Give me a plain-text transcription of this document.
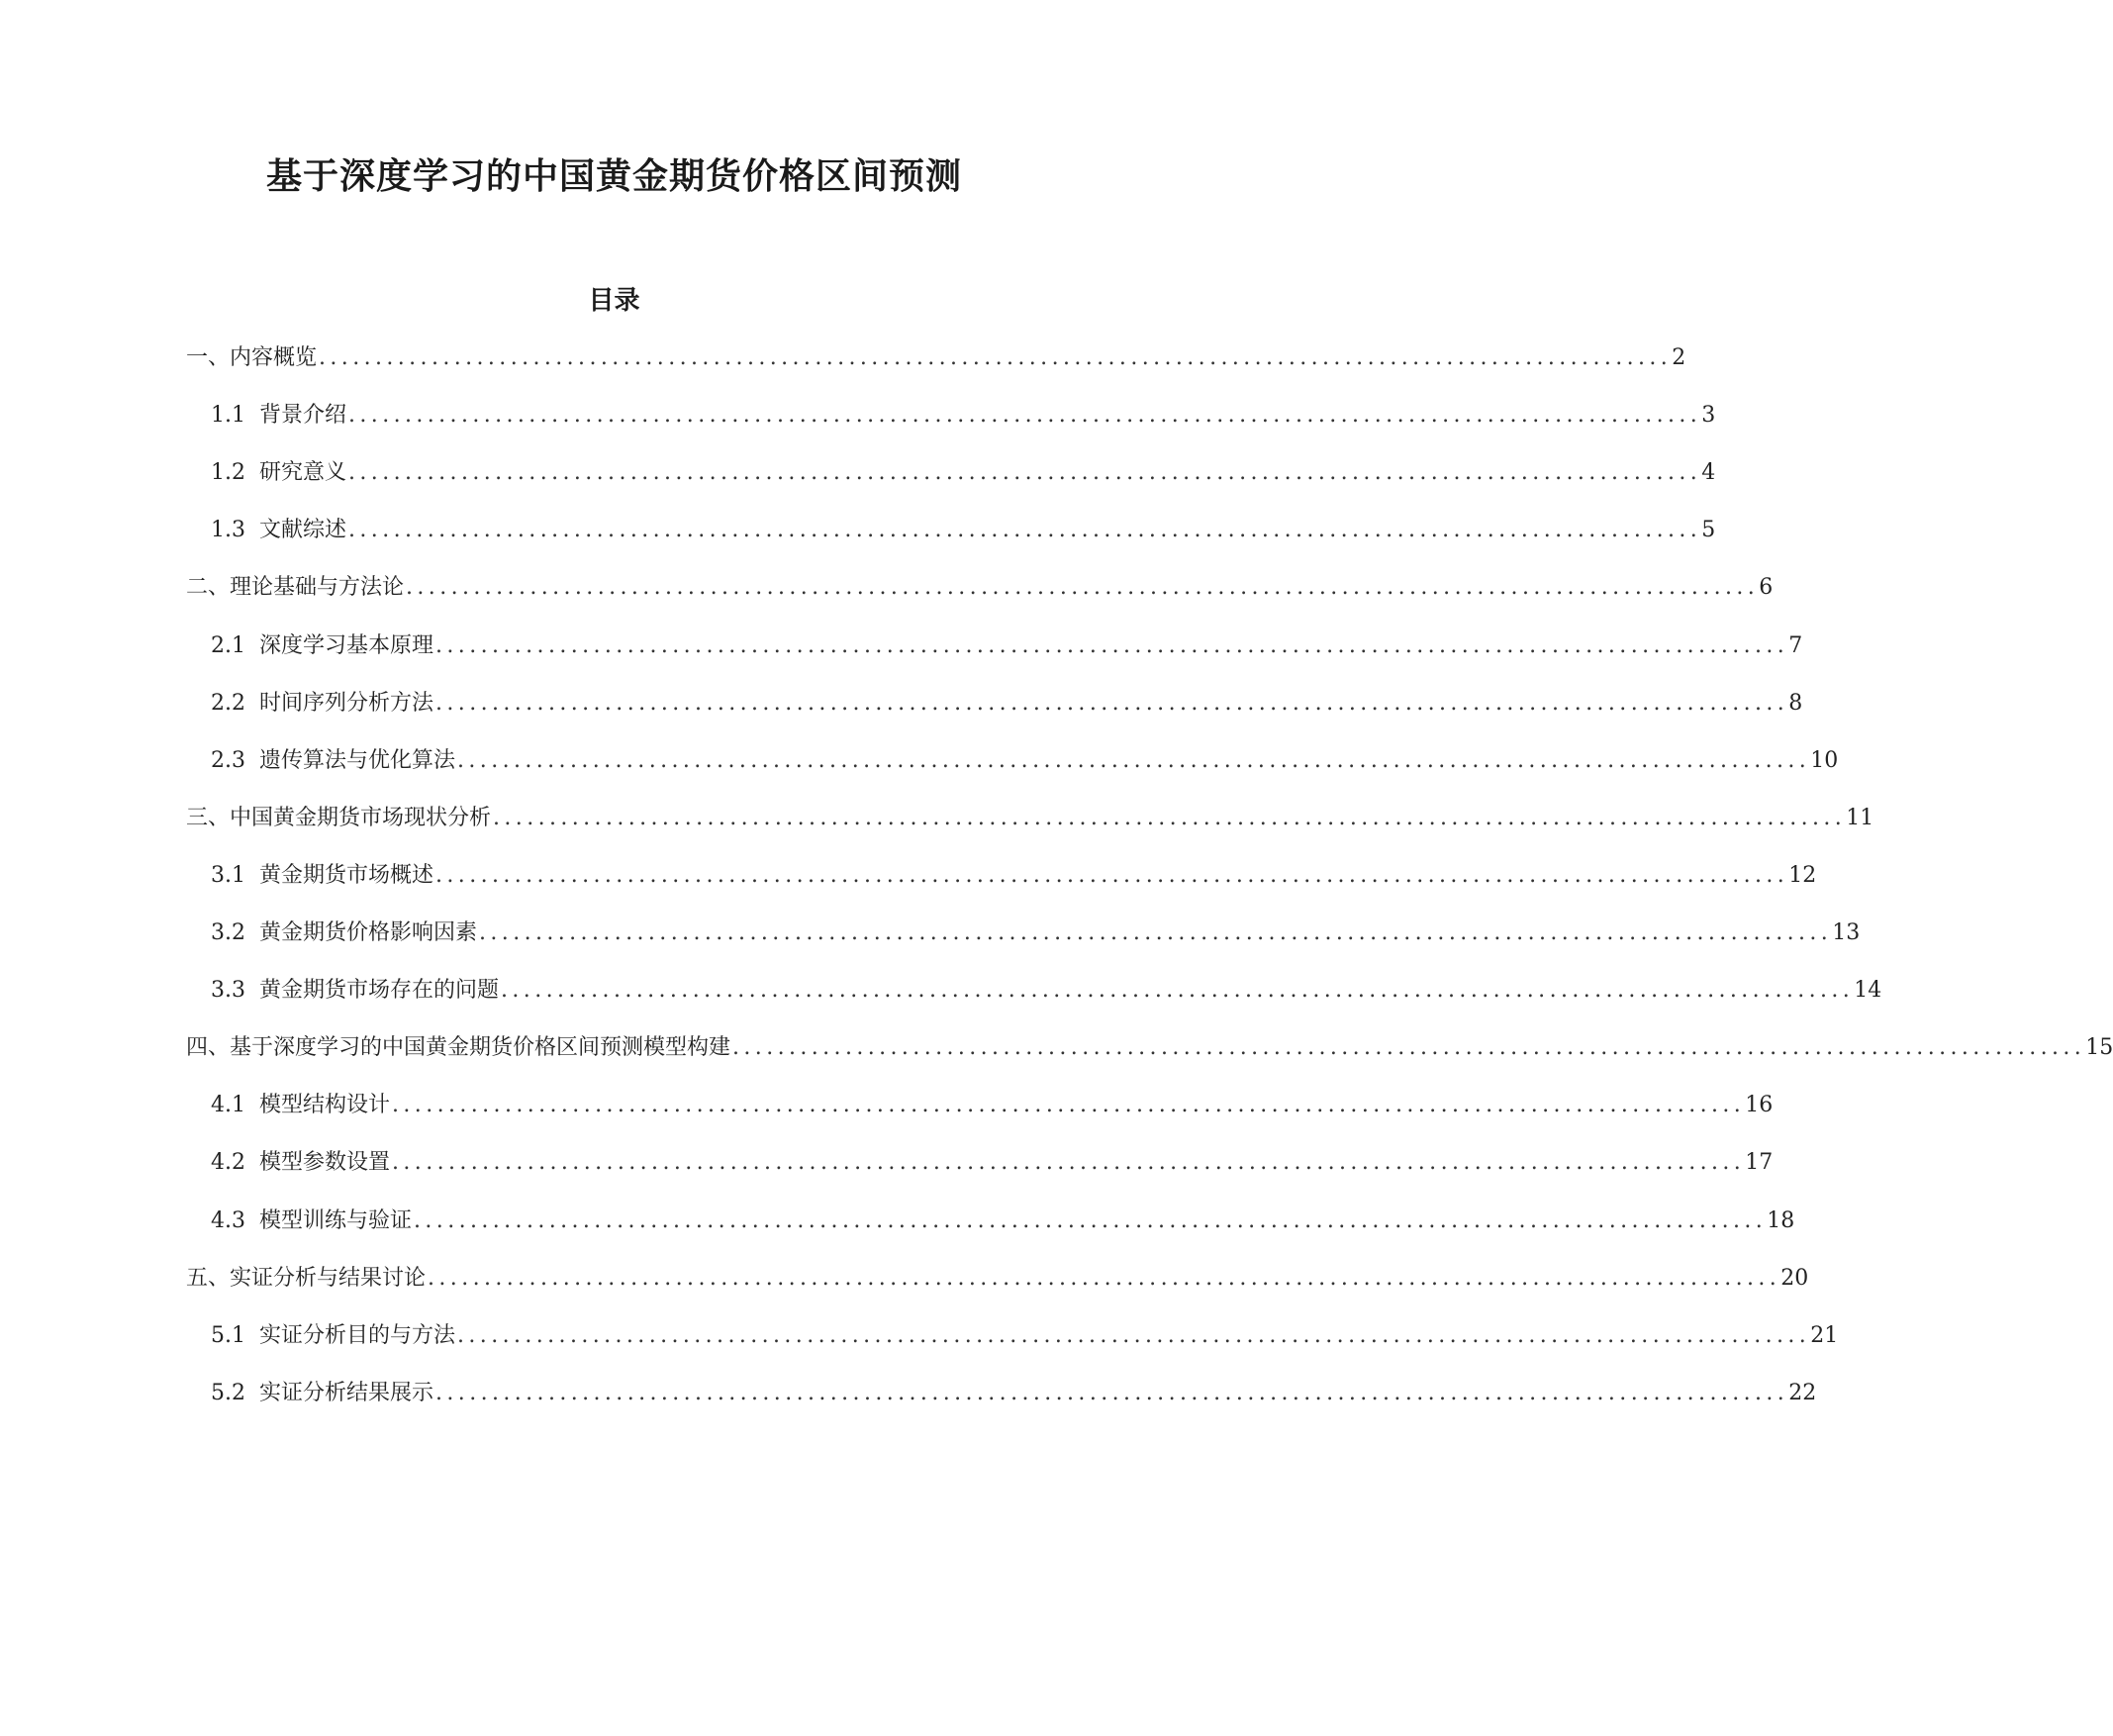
基于深度学习的中国黄金期货价格区间预测
目录
一、内容概览 ........................................................................................................................ 2
1.1 背景介绍 ........................................................................................................................ 3
1.2 研究意义 ........................................................................................................................ 4
1.3 文献综述 ........................................................................................................................ 5
二、理论基础与方法论 ........................................................................................................................ 6
2.1 深度学习基本原理 ........................................................................................................................ 7
2.2 时间序列分析方法 ........................................................................................................................ 8
2.3 遗传算法与优化算法 ........................................................................................................................ 10
三、中国黄金期货市场现状分析 ........................................................................................................................ 11
3.1 黄金期货市场概述 ........................................................................................................................ 12
3.2 黄金期货价格影响因素 ........................................................................................................................ 13
3.3 黄金期货市场存在的问题 ........................................................................................................................ 14
四、基于深度学习的中国黄金期货价格区间预测模型构建 ........................................................................................................................ 15
4.1 模型结构设计 ........................................................................................................................ 16
4.2 模型参数设置 ........................................................................................................................ 17
4.3 模型训练与验证 ........................................................................................................................ 18
五、实证分析与结果讨论 ........................................................................................................................ 20
5.1 实证分析目的与方法 ........................................................................................................................ 21
5.2 实证分析结果展示 ........................................................................................................................ 22
